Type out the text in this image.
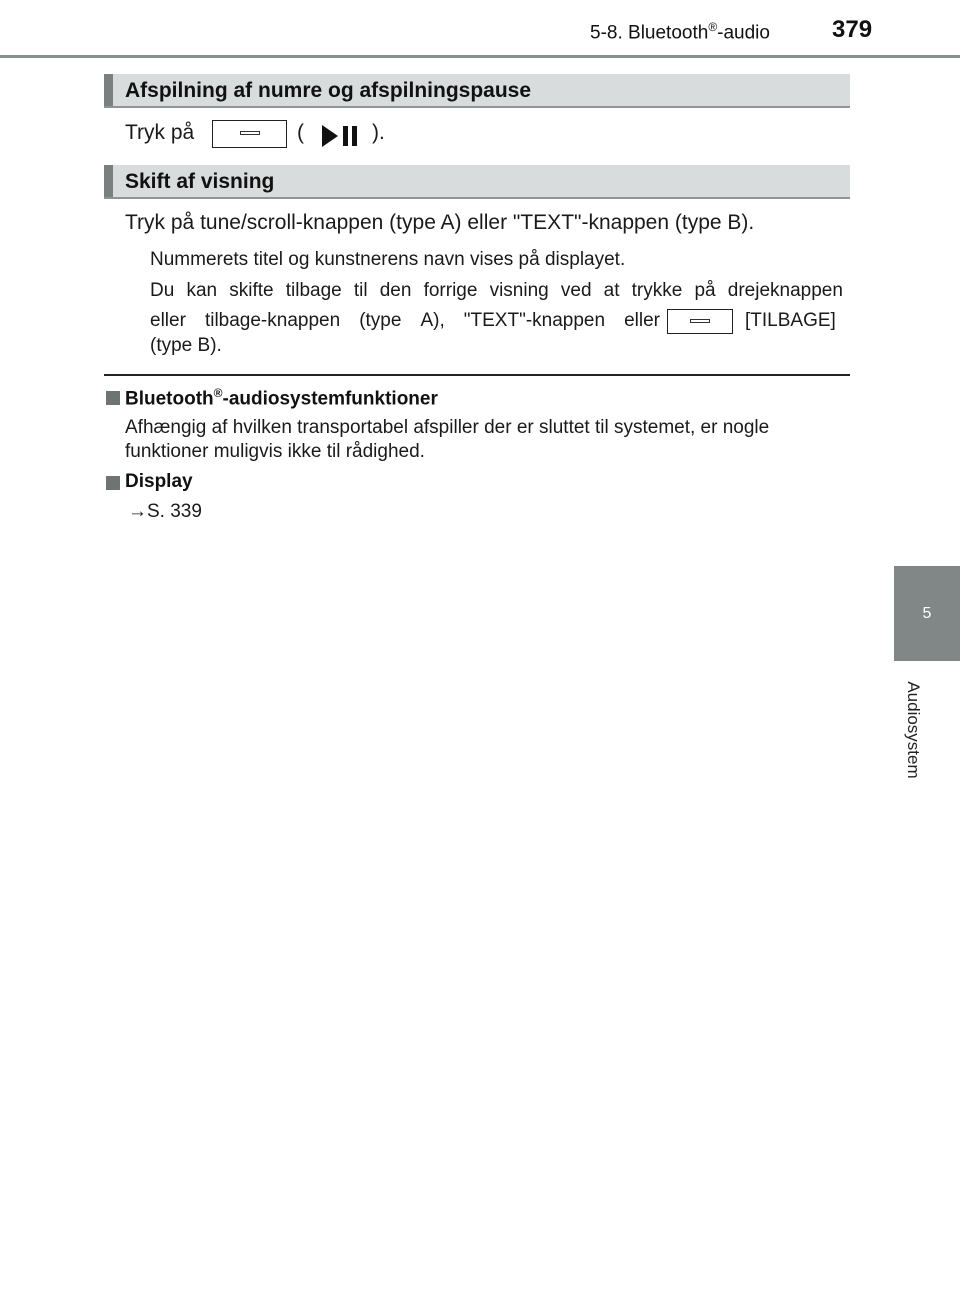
5-8. Bluetooth®-audio	379
5
Audiosystem
Afspilning af numre og afspilningspause
Tryk på	(	).
Skift af visning
Tryk på tune/scroll-knappen (type A) eller "TEXT"-knappen (type B).
Nummerets titel og kunstnerens navn vises på displayet.
Du kan skifte tilbage til den forrige visning ved at trykke på drejeknappen
eller tilbage-knappen (type A), "TEXT"-knappen eller	[TILBAGE]
(type B).
Bluetooth®-audiosystemfunktioner
Afhængig af hvilken transportabel afspiller der er sluttet til systemet, er nogle
funktioner muligvis ikke til rådighed.
Display
→S. 339
